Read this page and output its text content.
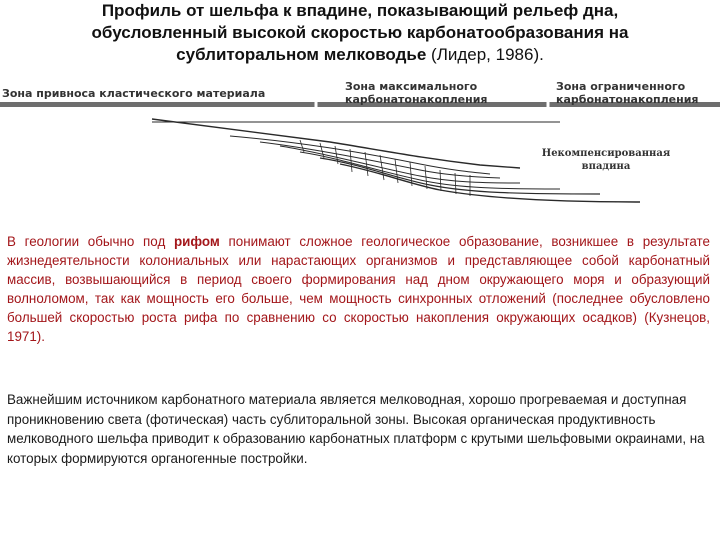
Профиль от шельфа к впадине, показывающий рельеф дна,
обусловленный высокой скоростью карбонатообразования на
сублиторальном мелководье (Лидер, 1986).
Зона привноса кластического материала
Зона максимального
карбонатонакопления
Зона ограниченного
карбонатонакопления
Некомпенсированная
впадина
В геологии обычно под рифом понимают сложное геологическое образование, возникшее в результате жизнедеятельности колониальных или нарастающих организмов и представляющее собой карбонатный массив, возвышающийся в период своего формирования над дном окружающего моря и образующий волноломом, так как мощность его больше, чем мощность синхронных отложений (последнее обусловлено большей скоростью роста рифа по сравнению со скоростью накопления окружающих осадков) (Кузнецов, 1971).
Важнейшим источником карбонатного материала является мелководная, хорошо прогреваемая и доступная проникновению света (фотическая) часть сублиторальной зоны. Высокая органическая продуктивность мелководного шельфа приводит к образованию карбонатных платформ с крутыми шельфовыми окраинами, на которых формируются органогенные постройки.
